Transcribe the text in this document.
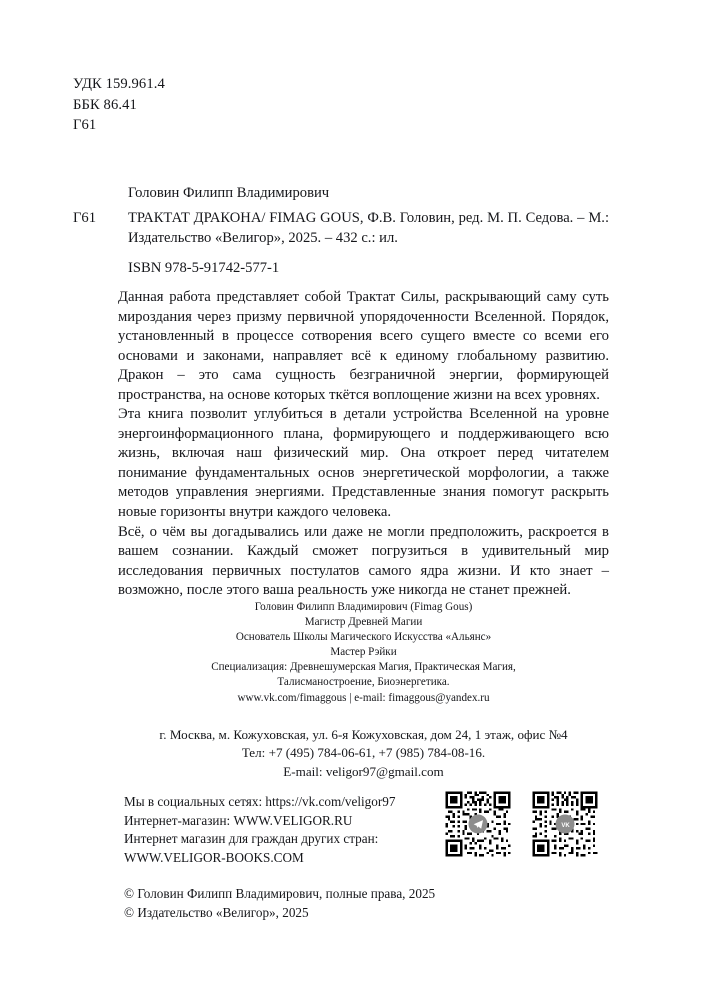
УДК 159.961.4
ББК 86.41
Г61
Головин Филипп Владимирович
Г61	ТРАКТАТ ДРАКОНА/ FIMAG GOUS, Ф.В. Головин, ред. М. П. Седова. – М.: Издательство «Велигор», 2025. – 432 с.: ил.
ISBN 978-5-91742-577-1

Данная работа представляет собой Трактат Силы, раскрывающий саму суть мироздания через призму первичной упорядоченности Вселенной. Порядок, установленный в процессе сотворения всего сущего вместе со всеми его основами и законами, направляет всё к единому глобальному развитию. Дракон – это сама сущность безграничной энергии, формирующей пространства, на основе которых ткётся воплощение жизни на всех уровнях.

Эта книга позволит углубиться в детали устройства Вселенной на уровне энергоинформационного плана, формирующего и поддерживающего всю жизнь, включая наш физический мир. Она откроет перед читателем понимание фундаментальных основ энергетической морфологии, а также методов управления энергиями. Представленные знания помогут раскрыть новые горизонты внутри каждого человека.

Всё, о чём вы догадывались или даже не могли предположить, раскроется в вашем сознании. Каждый сможет погрузиться в удивительный мир исследования первичных постулатов самого ядра жизни. И кто знает – возможно, после этого ваша реальность уже никогда не станет прежней.

Головин Филипп Владимирович (Fimag Gous)
Магистр Древней Магии
Основатель Школы Магического Искусства «Альянс»
Мастер Рэйки
Специализация: Древнешумерская Магия, Практическая Магия,
Талисманостроение, Биоэнергетика.
www.vk.com/fimaggous | e-mail: fimaggous@yandex.ru
г. Москва, м. Кожуховская, ул. 6-я Кожуховская, дом 24, 1 этаж, офис №4
Тел: +7 (495) 784-06-61, +7 (985) 784-08-16.
E-mail: veligor97@gmail.com
Мы в социальных сетях: https://vk.com/veligor97
Интернет-магазин: WWW.VELIGOR.RU
Интернет магазин для граждан других стран:
WWW.VELIGOR-BOOKS.COM
VK
© Головин Филипп Владимирович, полные права, 2025
© Издательство «Велигор», 2025
